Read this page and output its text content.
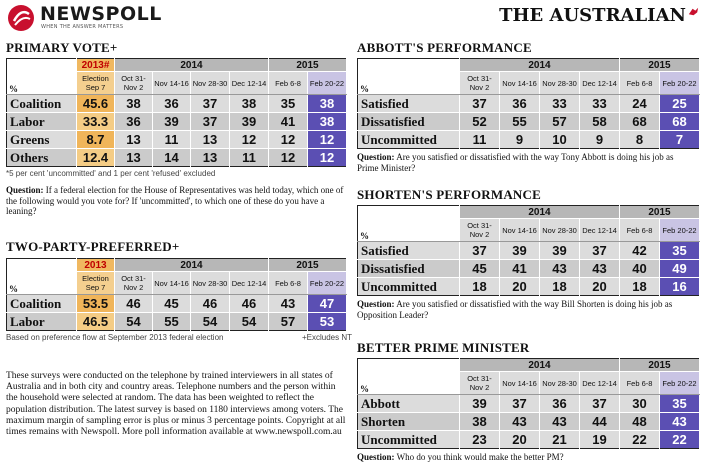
NEWSPOLL
WHEN THE ANSWER MATTERS
THE AUSTRALIAN
PRIMARY VOTE+
	2013#	2014				2015	
%	Election Sep 7	Oct 31- Nov 2	Nov 14-16	Nov 28-30	Dec 12-14	Feb 6-8	Feb 20-22
Coalition	45.6	38	36	37	38	35	38
Labor	33.3	36	39	37	39	41	38
Greens	8.7	13	11	13	12	12	12
Others	12.4	13	14	13	11	12	12
*5 per cent 'uncommitted' and 1 per cent 'refused' excluded
Question: If a federal election for the House of Representatives was held today, which one of the following would you vote for? If 'uncommitted', to which one of these do you have a leaning?
TWO-PARTY-PREFERRED+
	2013	2014				2015	
%	Election Sep 7	Oct 31- Nov 2	Nov 14-16	Nov 28-30	Dec 12-14	Feb 6-8	Feb 20-22
Coalition	53.5	46	45	46	46	43	47
Labor	46.5	54	55	54	54	57	53
Based on preference flow at September 2013 federal election	+Excludes NT
These surveys were conducted on the telephone by trained interviewers in all states of Australia and in both city and country areas. Telephone numbers and the person within the household were selected at random. The data has been weighted to reflect the population distribution. The latest survey is based on 1180 interviews among voters. The maximum margin of sampling error is plus or minus 3 percentage points. Copyright at all times remains with Newspoll. More poll information available at www.newspoll.com.au
ABBOTT'S PERFORMANCE
	2014				2015	
%	Oct 31- Nov 2	Nov 14-16	Nov 28-30	Dec 12-14	Feb 6-8	Feb 20-22
Satisfied	37	36	33	33	24	25
Dissatisfied	52	55	57	58	68	68
Uncommitted	11	9	10	9	8	7
Question: Are you satisfied or dissatisfied with the way Tony Abbott is doing his job as Prime Minister?
SHORTEN'S PERFORMANCE
	2014				2015	
%	Oct 31- Nov 2	Nov 14-16	Nov 28-30	Dec 12-14	Feb 6-8	Feb 20-22
Satisfied	37	39	39	37	42	35
Dissatisfied	45	41	43	43	40	49
Uncommitted	18	20	18	20	18	16
Question: Are you satisfied or dissatisfied with the way Bill Shorten is doing his job as Opposition Leader?
BETTER PRIME MINISTER
	2014				2015	
%	Oct 31- Nov 2	Nov 14-16	Nov 28-30	Dec 12-14	Feb 6-8	Feb 20-22
Abbott	39	37	36	37	30	35
Shorten	38	43	43	44	48	43
Uncommitted	23	20	21	19	22	22
Question: Who do you think would make the better PM?
